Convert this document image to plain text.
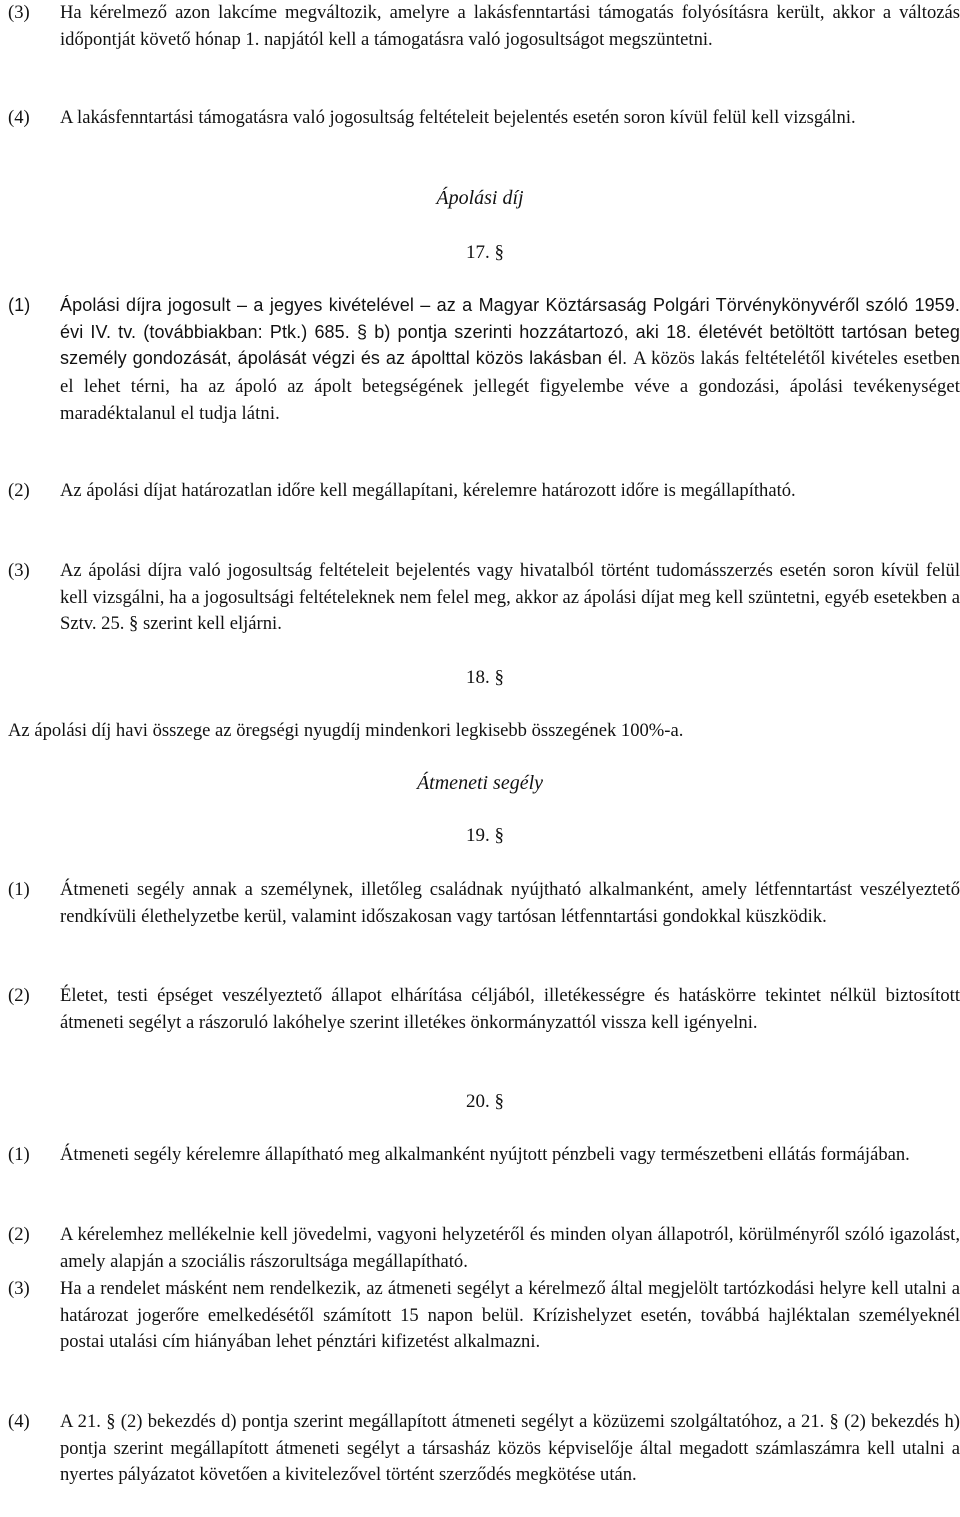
(3)	Ha kérelmező azon lakcíme megváltozik, amelyre a lakásfenntartási támogatás folyósításra került, akkor a változás időpontját követő hónap 1. napjától kell a támogatásra való jogosultságot megszüntetni.
(4)	A lakásfenntartási támogatásra való jogosultság feltételeit bejelentés esetén soron kívül felül kell vizsgálni.
Ápolási díj
17. §
(1)	Ápolási díjra jogosult – a jegyes kivételével – az a Magyar Köztársaság Polgári Törvénykönyvéről szóló 1959. évi IV. tv. (továbbiakban: Ptk.) 685. § b) pontja szerinti hozzátartozó, aki 18. életévét betöltött tartósan beteg személy gondozását, ápolását végzi és az ápolttal közös lakásban él. A közös lakás feltételétől kivételes esetben el lehet térni, ha az ápoló az ápolt betegségének jellegét figyelembe véve a gondozási, ápolási tevékenységet maradéktalanul el tudja látni.
(2)	Az ápolási díjat határozatlan időre kell megállapítani, kérelemre határozott időre is megállapítható.
(3)	Az ápolási díjra való jogosultság feltételeit bejelentés vagy hivatalból történt tudomásszerzés esetén soron kívül felül kell vizsgálni, ha a jogosultsági feltételeknek nem felel meg, akkor az ápolási díjat meg kell szüntetni, egyéb esetekben a Sztv. 25. § szerint kell eljárni.
18. §
Az ápolási díj havi összege az öregségi nyugdíj mindenkori legkisebb összegének 100%-a.
Átmeneti segély
19. §
(1)	Átmeneti segély annak a személynek, illetőleg családnak nyújtható alkalmanként, amely létfenntartást veszélyeztető rendkívüli élethelyzetbe kerül, valamint időszakosan vagy tartósan létfenntartási gondokkal küszködik.
(2)	Életet, testi épséget veszélyeztető állapot elhárítása céljából, illetékességre és hatáskörre tekintet nélkül biztosított átmeneti segélyt a rászoruló lakóhelye szerint illetékes önkormányzattól vissza kell igényelni.
20. §
(1)	Átmeneti segély kérelemre állapítható meg alkalmanként nyújtott pénzbeli vagy természetbeni ellátás formájában.
(2)	A kérelemhez mellékelnie kell jövedelmi, vagyoni helyzetéről és minden olyan állapotról, körülményről szóló igazolást, amely alapján a szociális rászorultsága megállapítható.
(3)	Ha a rendelet másként nem rendelkezik, az átmeneti segélyt a kérelmező által megjelölt tartózkodási helyre kell utalni a határozat jogerőre emelkedésétől számított 15 napon belül. Krízishelyzet esetén, továbbá hajléktalan személyeknél postai utalási cím hiányában lehet pénztári kifizetést alkalmazni.
(4)	A 21. § (2) bekezdés d) pontja szerint megállapított átmeneti segélyt a közüzemi szolgáltatóhoz, a 21. § (2) bekezdés h) pontja szerint megállapított átmeneti segélyt a társasház közös képviselője által megadott számlaszámra kell utalni a nyertes pályázatot követően a kivitelezővel történt szerződés megkötése után.
